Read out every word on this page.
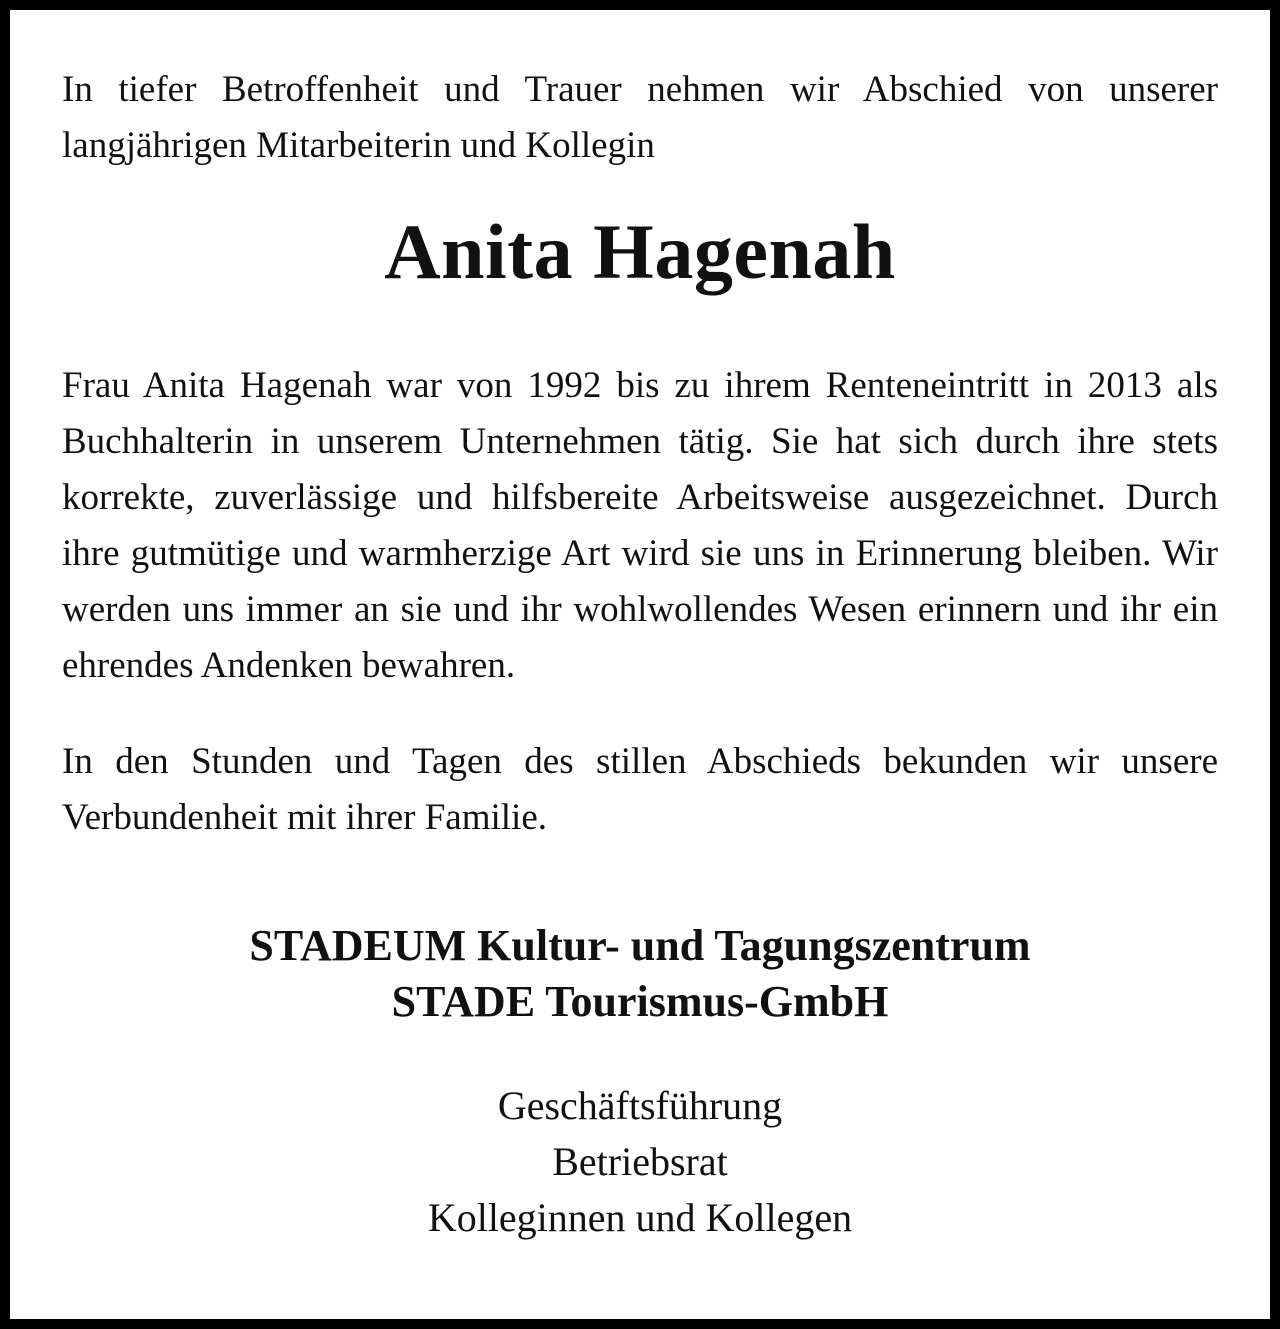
In tiefer Betroffenheit und Trauer nehmen wir Abschied von unserer langjährigen Mitarbeiterin und Kollegin

Anita Hagenah

Frau Anita Hagenah war von 1992 bis zu ihrem Renteneintritt in 2013 als Buchhalterin in unserem Unternehmen tätig. Sie hat sich durch ihre stets korrekte, zuverlässige und hilfsbereite Arbeitsweise ausgezeichnet. Durch ihre gutmütige und warmherzige Art wird sie uns in Erinnerung bleiben. Wir werden uns immer an sie und ihr wohlwollendes Wesen erinnern und ihr ein ehrendes Andenken bewahren.

In den Stunden und Tagen des stillen Abschieds bekunden wir unsere Verbundenheit mit ihrer Familie.

STADEUM Kultur- und Tagungszentrum
STADE Tourismus-GmbH
Geschäftsführung
Betriebsrat
Kolleginnen und Kollegen
